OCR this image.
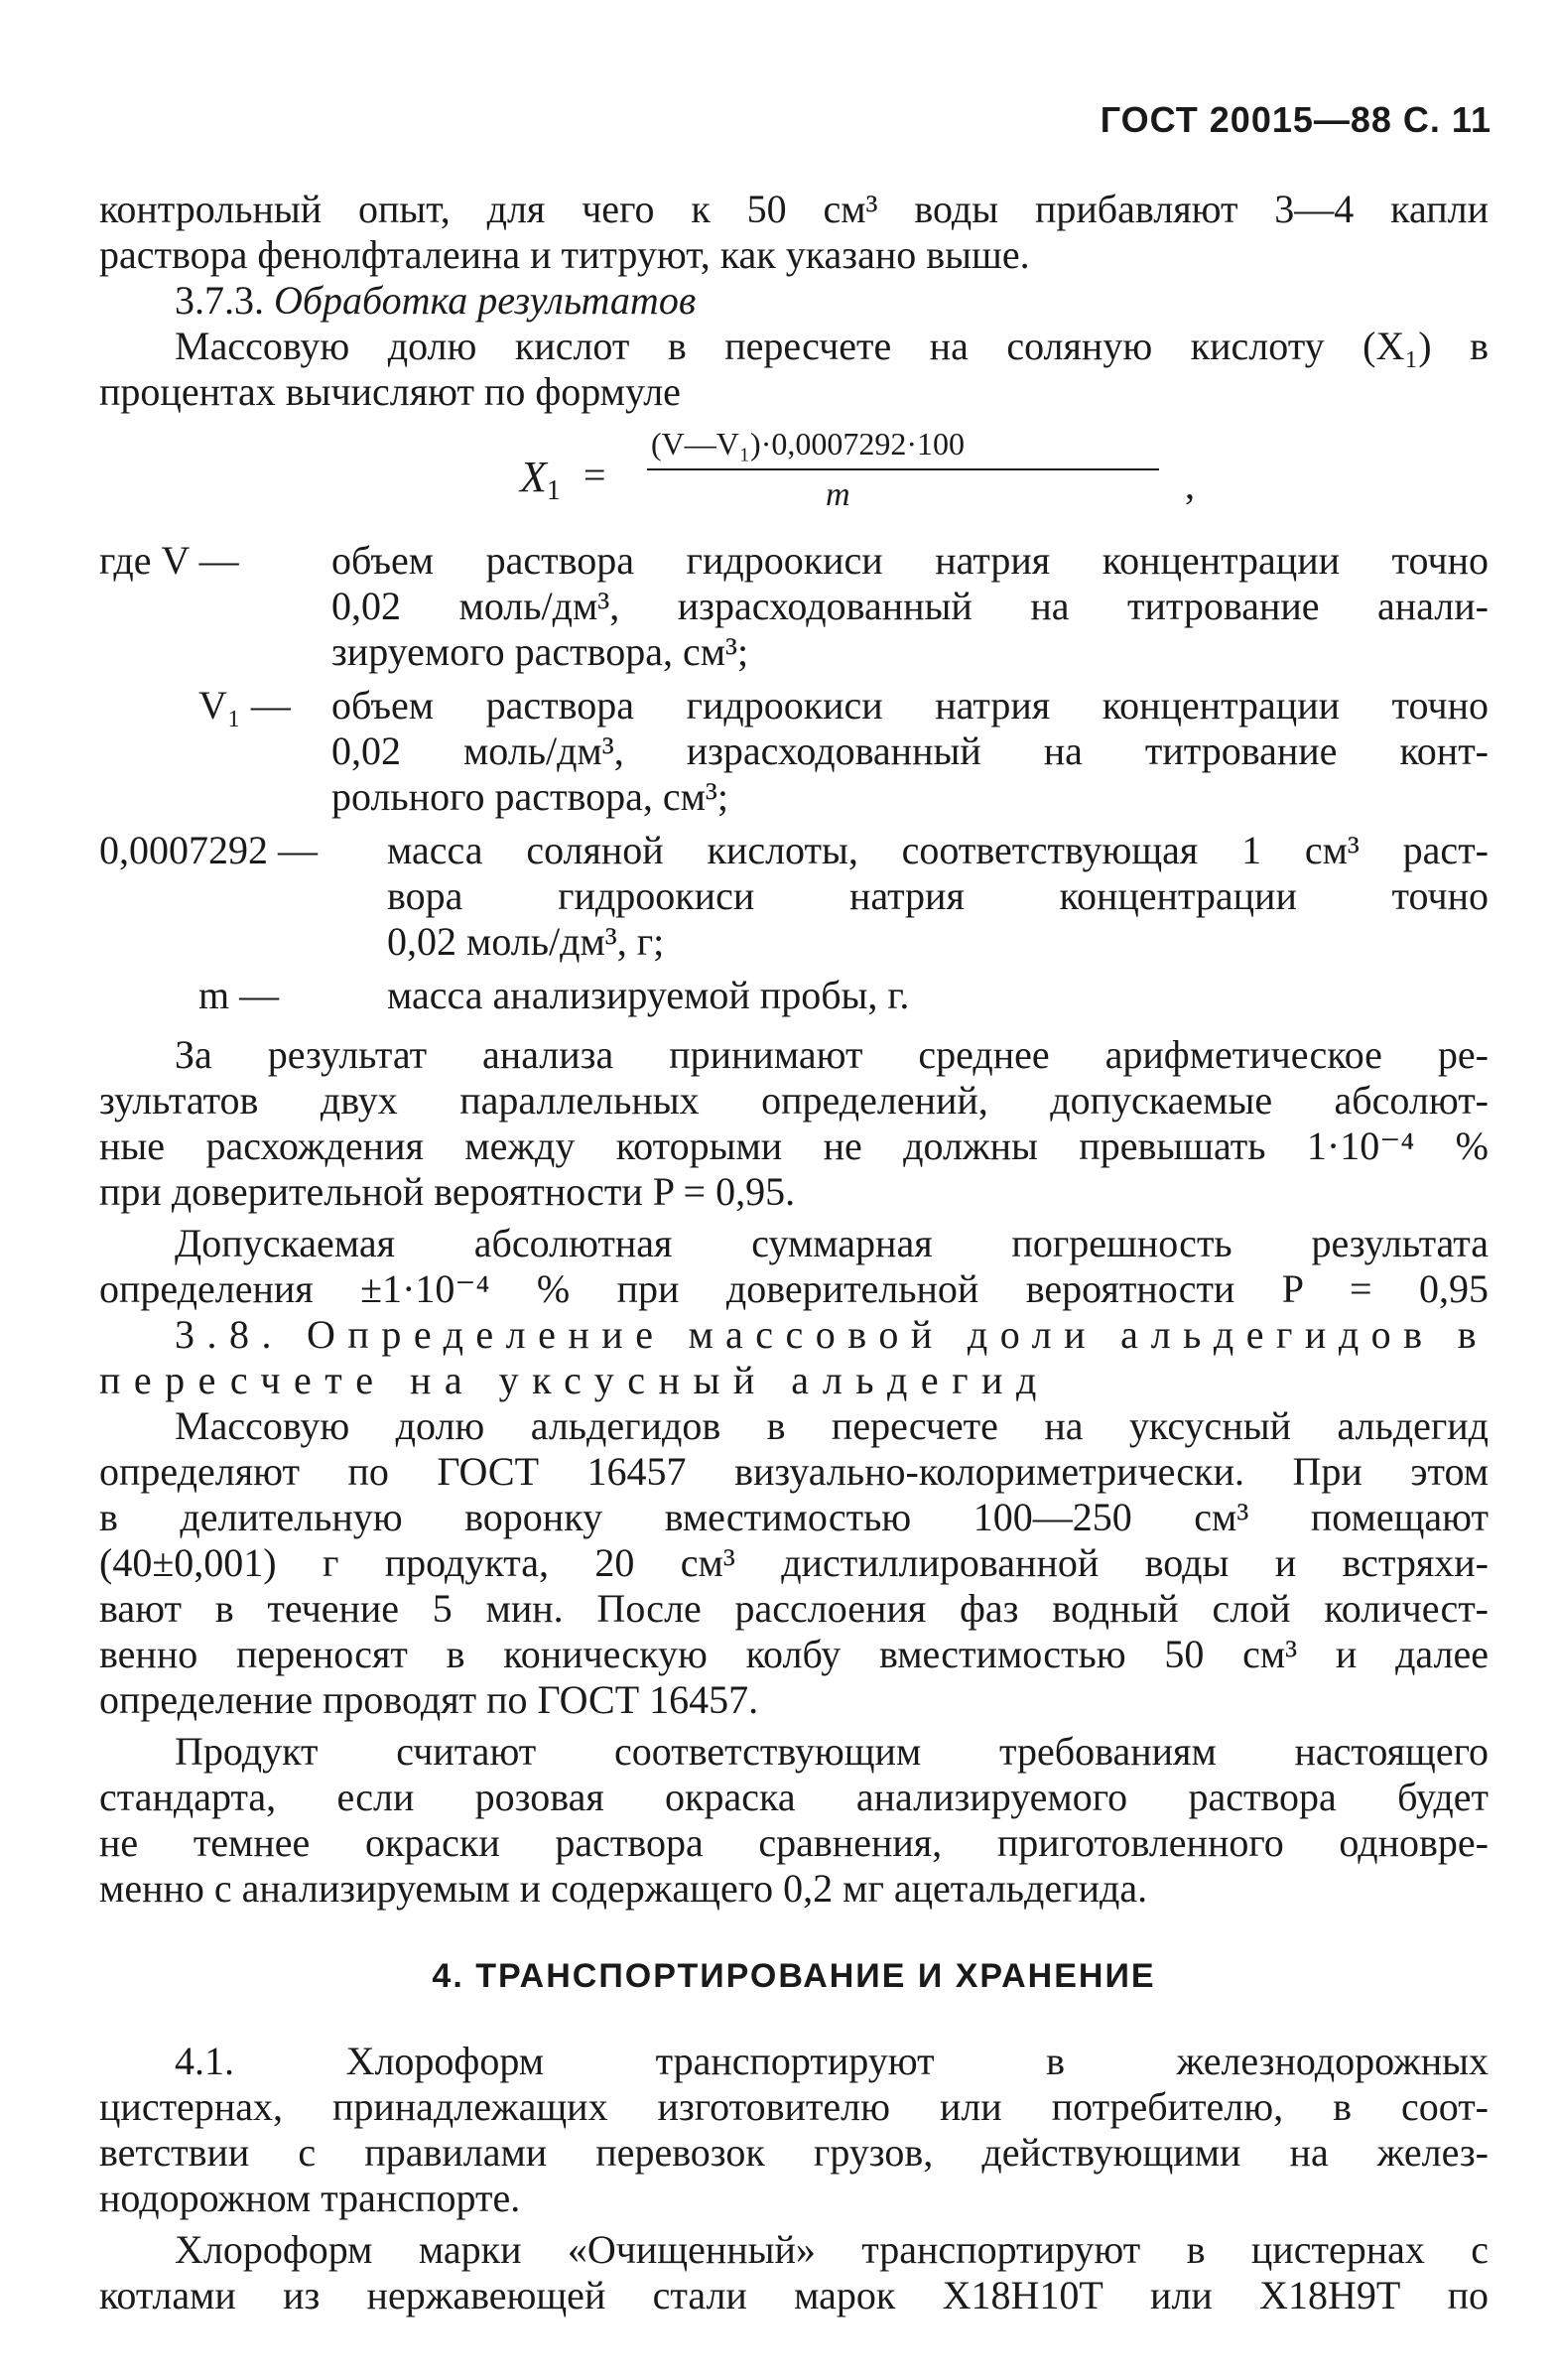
ГОСТ 20015—88 С. 11
контрольный опыт, для чего к 50 см³ воды прибавляют 3—4 капли
раствора фенолфталеина и титруют, как указано выше.
3.7.3. Обработка результатов
Массовую долю кислот в пересчете на соляную кислоту (X₁) в
процентах вычисляют по формуле
$X_1$ =
(V—V₁)·0,0007292·100
m	,
где V —	объем раствора гидроокиси натрия концентрации точно
0,02 моль/дм³, израсходованный на титрование анали-
зируемого раствора, см³;
V₁ —	объем раствора гидроокиси натрия концентрации точно
0,02 моль/дм³, израсходованный на титрование конт-
рольного раствора, см³;
0,0007292 —	масса соляной кислоты, соответствующая 1 см³ раст-
вора гидроокиси натрия концентрации точно
0,02 моль/дм³, г;
m —	масса анализируемой пробы, г.
За результат анализа принимают среднее арифметическое ре-
зультатов двух параллельных определений, допускаемые абсолют-
ные расхождения между которыми не должны превышать 1·10⁻⁴ %
при доверительной вероятности P = 0,95.
Допускаемая абсолютная суммарная погрешность результата
определения ±1·10⁻⁴ % при доверительной вероятности P = 0,95
3.8. Определение массовой доли альдегидов в
пересчете на уксусный альдегид
Массовую долю альдегидов в пересчете на уксусный альдегид
определяют по ГОСТ 16457 визуально-колориметрически. При этом
в делительную воронку вместимостью 100—250 см³ помещают
(40±0,001) г продукта, 20 см³ дистиллированной воды и встряхи-
вают в течение 5 мин. После расслоения фаз водный слой количест-
венно переносят в коническую колбу вместимостью 50 см³ и далее
определение проводят по ГОСТ 16457.
Продукт считают соответствующим требованиям настоящего
стандарта, если розовая окраска анализируемого раствора будет
не темнее окраски раствора сравнения, приготовленного одновре-
менно с анализируемым и содержащего 0,2 мг ацетальдегида.
4. ТРАНСПОРТИРОВАНИЕ И ХРАНЕНИЕ
4.1. Хлороформ транспортируют в железнодорожных
цистернах, принадлежащих изготовителю или потребителю, в соот-
ветствии с правилами перевозок грузов, действующими на желез-
нодорожном транспорте.
Хлороформ марки «Очищенный» транспортируют в цистернах с
котлами из нержавеющей стали марок Х18Н10Т или Х18Н9Т по
